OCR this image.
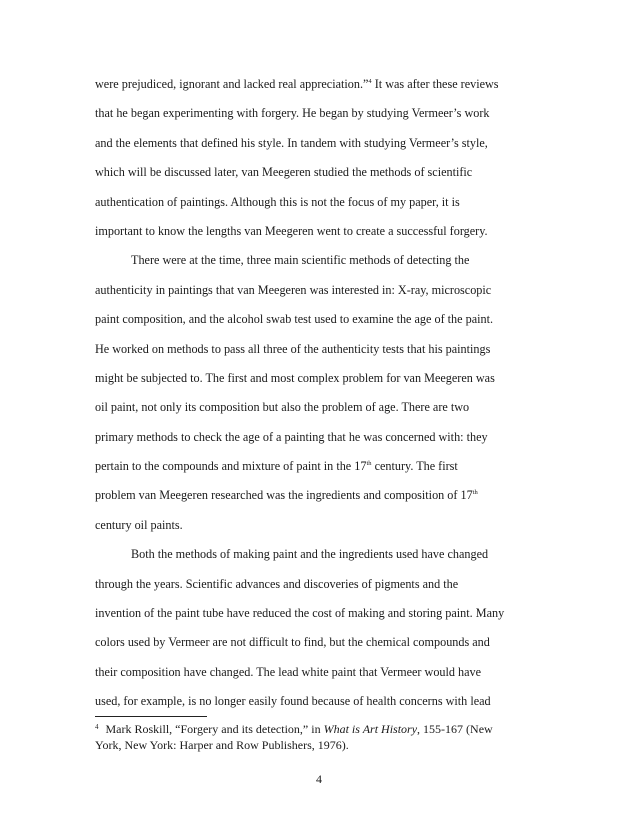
were prejudiced, ignorant and lacked real appreciation.”$^4$ It was after these reviews
that he began experimenting with forgery. He began by studying Vermeer’s work
and the elements that defined his style. In tandem with studying Vermeer’s style,
which will be discussed later, van Meegeren studied the methods of scientific
authentication of paintings. Although this is not the focus of my paper, it is
important to know the lengths van Meegeren went to create a successful forgery.
There were at the time, three main scientific methods of detecting the
authenticity in paintings that van Meegeren was interested in: X-ray, microscopic
paint composition, and the alcohol swab test used to examine the age of the paint.
He worked on methods to pass all three of the authenticity tests that his paintings
might be subjected to. The first and most complex problem for van Meegeren was
oil paint, not only its composition but also the problem of age. There are two
primary methods to check the age of a painting that he was concerned with: they
pertain to the compounds and mixture of paint in the 17th century. The first
problem van Meegeren researched was the ingredients and composition of 17th
century oil paints.
Both the methods of making paint and the ingredients used have changed
through the years. Scientific advances and discoveries of pigments and the
invention of the paint tube have reduced the cost of making and storing paint. Many
colors used by Vermeer are not difficult to find, but the chemical compounds and
their composition have changed. The lead white paint that Vermeer would have
used, for example, is no longer easily found because of health concerns with lead
$^4$ Mark Roskill, “Forgery and its detection,” in What is Art History, 155-167 (New
York, New York: Harper and Row Publishers, 1976).
4
